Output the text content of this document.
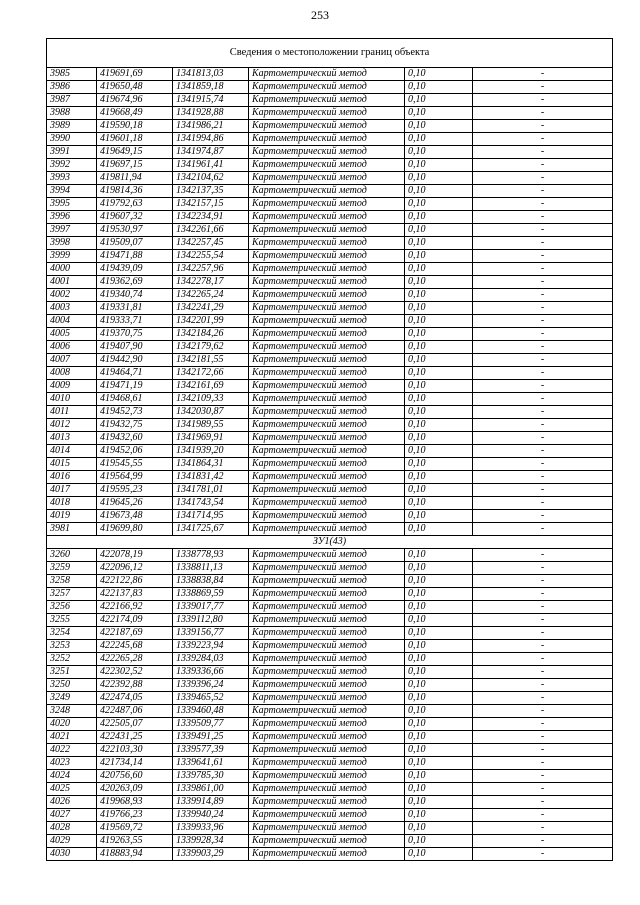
253
Сведения о местоположении границ объекта					
3985	419691,69	1341813,03	Картометрический метод	0,10	-
3986	419650,48	1341859,18	Картометрический метод	0,10	-
3987	419674,96	1341915,74	Картометрический метод	0,10	-
3988	419668,49	1341928,88	Картометрический метод	0,10	-
3989	419590,18	1341986,21	Картометрический метод	0,10	-
3990	419601,18	1341994,86	Картометрический метод	0,10	-
3991	419649,15	1341974,87	Картометрический метод	0,10	-
3992	419697,15	1341961,41	Картометрический метод	0,10	-
3993	419811,94	1342104,62	Картометрический метод	0,10	-
3994	419814,36	1342137,35	Картометрический метод	0,10	-
3995	419792,63	1342157,15	Картометрический метод	0,10	-
3996	419607,32	1342234,91	Картометрический метод	0,10	-
3997	419530,97	1342261,66	Картометрический метод	0,10	-
3998	419509,07	1342257,45	Картометрический метод	0,10	-
3999	419471,88	1342255,54	Картометрический метод	0,10	-
4000	419439,09	1342257,96	Картометрический метод	0,10	-
4001	419362,69	1342278,17	Картометрический метод	0,10	-
4002	419340,74	1342265,24	Картометрический метод	0,10	-
4003	419331,81	1342241,29	Картометрический метод	0,10	-
4004	419333,71	1342201,99	Картометрический метод	0,10	-
4005	419370,75	1342184,26	Картометрический метод	0,10	-
4006	419407,90	1342179,62	Картометрический метод	0,10	-
4007	419442,90	1342181,55	Картометрический метод	0,10	-
4008	419464,71	1342172,66	Картометрический метод	0,10	-
4009	419471,19	1342161,69	Картометрический метод	0,10	-
4010	419468,61	1342109,33	Картометрический метод	0,10	-
4011	419452,73	1342030,87	Картометрический метод	0,10	-
4012	419432,75	1341989,55	Картометрический метод	0,10	-
4013	419432,60	1341969,91	Картометрический метод	0,10	-
4014	419452,06	1341939,20	Картометрический метод	0,10	-
4015	419545,55	1341864,31	Картометрический метод	0,10	-
4016	419564,99	1341831,42	Картометрический метод	0,10	-
4017	419595,23	1341781,01	Картометрический метод	0,10	-
4018	419645,26	1341743,54	Картометрический метод	0,10	-
4019	419673,48	1341714,95	Картометрический метод	0,10	-
3981	419699,80	1341725,67	Картометрический метод	0,10	-
ЗУ1(43)					
3260	422078,19	1338778,93	Картометрический метод	0,10	-
3259	422096,12	1338811,13	Картометрический метод	0,10	-
3258	422122,86	1338838,84	Картометрический метод	0,10	-
3257	422137,83	1338869,59	Картометрический метод	0,10	-
3256	422166,92	1339017,77	Картометрический метод	0,10	-
3255	422174,09	1339112,80	Картометрический метод	0,10	-
3254	422187,69	1339156,77	Картометрический метод	0,10	-
3253	422245,68	1339223,94	Картометрический метод	0,10	-
3252	422265,28	1339284,03	Картометрический метод	0,10	-
3251	422302,52	1339336,66	Картометрический метод	0,10	-
3250	422392,88	1339396,24	Картометрический метод	0,10	-
3249	422474,05	1339465,52	Картометрический метод	0,10	-
3248	422487,06	1339460,48	Картометрический метод	0,10	-
4020	422505,07	1339509,77	Картометрический метод	0,10	-
4021	422431,25	1339491,25	Картометрический метод	0,10	-
4022	422103,30	1339577,39	Картометрический метод	0,10	-
4023	421734,14	1339641,61	Картометрический метод	0,10	-
4024	420756,60	1339785,30	Картометрический метод	0,10	-
4025	420263,09	1339861,00	Картометрический метод	0,10	-
4026	419968,93	1339914,89	Картометрический метод	0,10	-
4027	419766,23	1339940,24	Картометрический метод	0,10	-
4028	419569,72	1339933,96	Картометрический метод	0,10	-
4029	419263,55	1339928,34	Картометрический метод	0,10	-
4030	418883,94	1339903,29	Картометрический метод	0,10	-
